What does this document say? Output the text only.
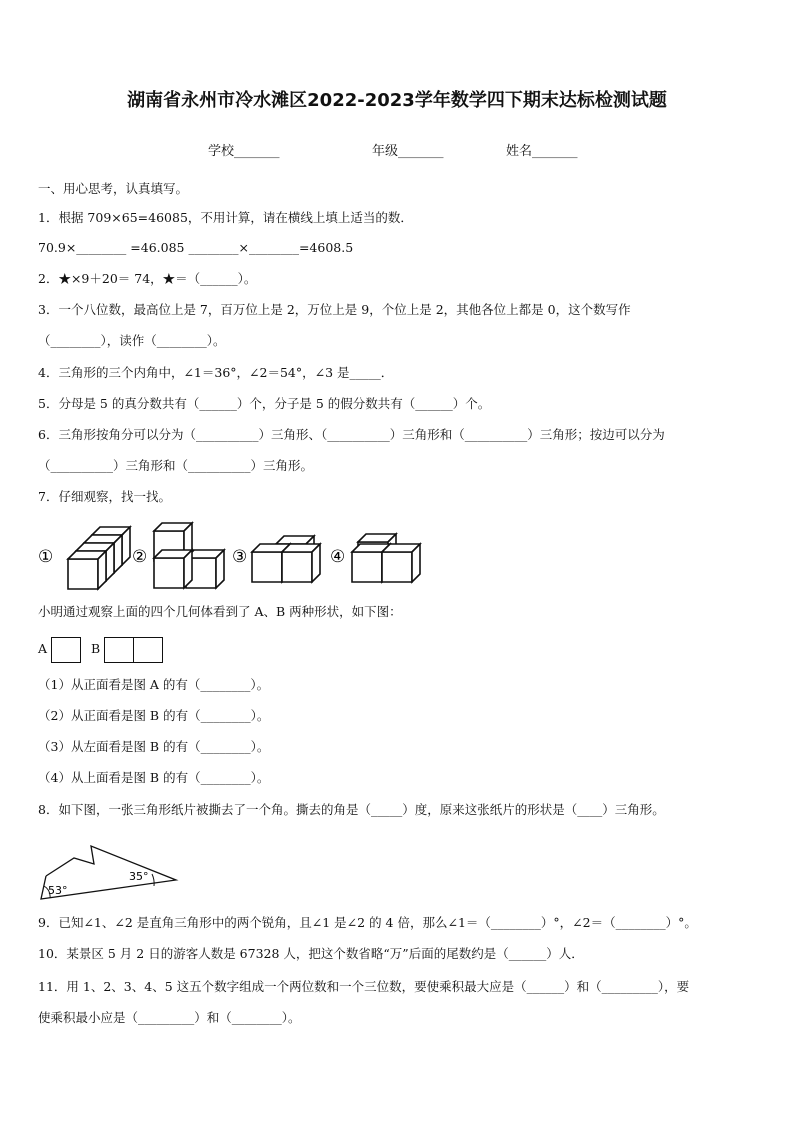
湖南省永州市冷水滩区2022-2023学年数学四下期末达标检测试题
学校_______	年级_______	姓名_______
一、用心思考，认真填写。
1．根据 709×65=46085，不用计算，请在横线上填上适当的数．
70.9×________ =46.085 ________×________=4608.5
2．★×9＋20＝ 74，★＝（______）。
3．一个八位数，最高位上是 7，百万位上是 2，万位上是 9，个位上是 2，其他各位上都是 0，这个数写作
（________），读作（________）。
4．三角形的三个内角中，∠1＝36°，∠2＝54°，∠3 是_____．
5．分母是 5 的真分数共有（______）个，分子是 5 的假分数共有（______）个。
6．三角形按角分可以分为（__________）三角形、（__________）三角形和（__________）三角形；按边可以分为
（__________）三角形和（__________）三角形。
7．仔细观察，找一找。
①	②	③	④
小明通过观察上面的四个几何体看到了 A、B 两种形状，如下图：
A	B
（1）从正面看是图 A 的有（________）。
（2）从正面看是图 B 的有（________）。
（3）从左面看是图 B 的有（________）。
（4）从上面看是图 B 的有（________）。
8．如下图，一张三角形纸片被撕去了一个角。撕去的角是（_____）度，原来这张纸片的形状是（____）三角形。
53°
35°
9．已知∠1、∠2 是直角三角形中的两个锐角，且∠1 是∠2 的 4 倍，那么∠1＝（________）°，∠2＝（________）°。
10．某景区 5 月 2 日的游客人数是 67328 人，把这个数省略“万”后面的尾数约是（______）人．
11．用 1、2、3、4、5 这五个数字组成一个两位数和一个三位数，要使乘积最大应是（______）和（_________），要
使乘积最小应是（_________）和（________）。
